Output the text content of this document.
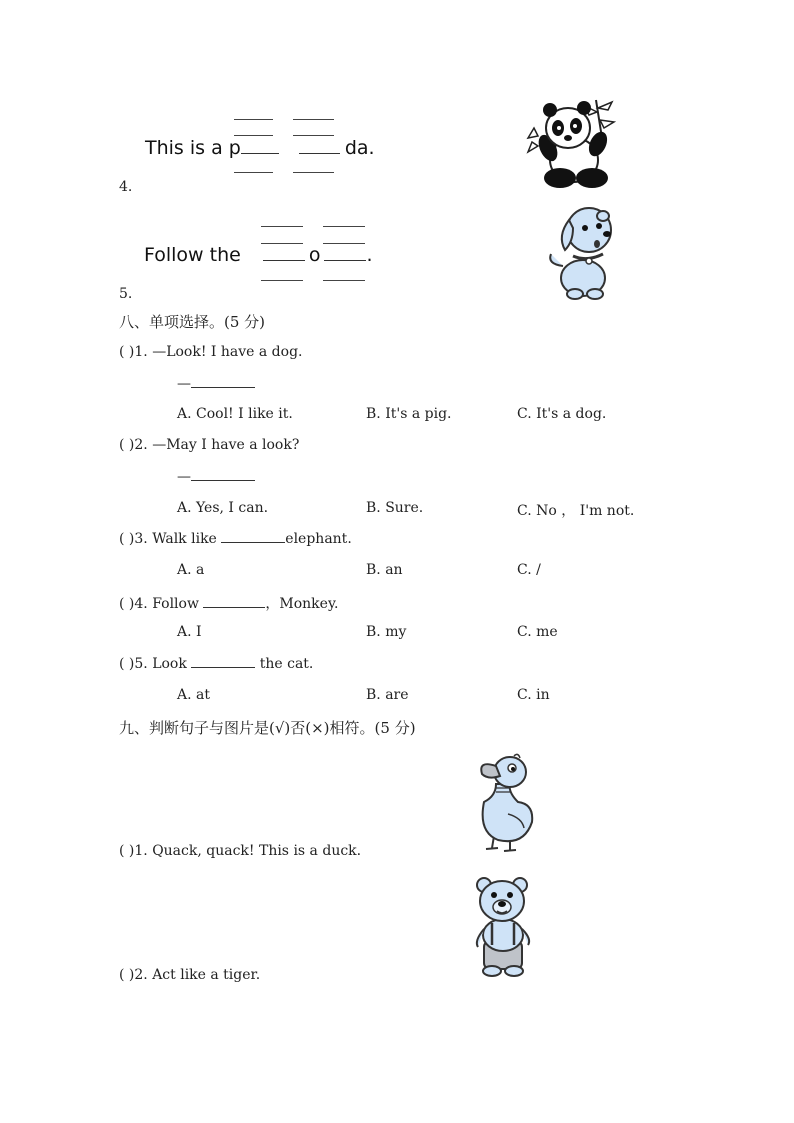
This is a p	da.
4.
Follow the	o .
5.
八、单项选择。(5 分)
( )1. —Look! I have a dog.
—
A. Cool! I like it.	B. It's a pig.	C. It's a dog.
( )2. —May I have a look?
—
A. Yes, I can.	B. Sure.	C. No ， I'm not.
( )3. Walk like	elephant.
A. a	B. an	C. /
( )4. Follow	，Monkey.
A. I	B. my	C. me
( )5. Look	the cat.
A. at	B. are	C. in
九、判断句子与图片是(√)否(×)相符。(5 分)
( )1. Quack, quack! This is a duck.
( )2. Act like a tiger.
